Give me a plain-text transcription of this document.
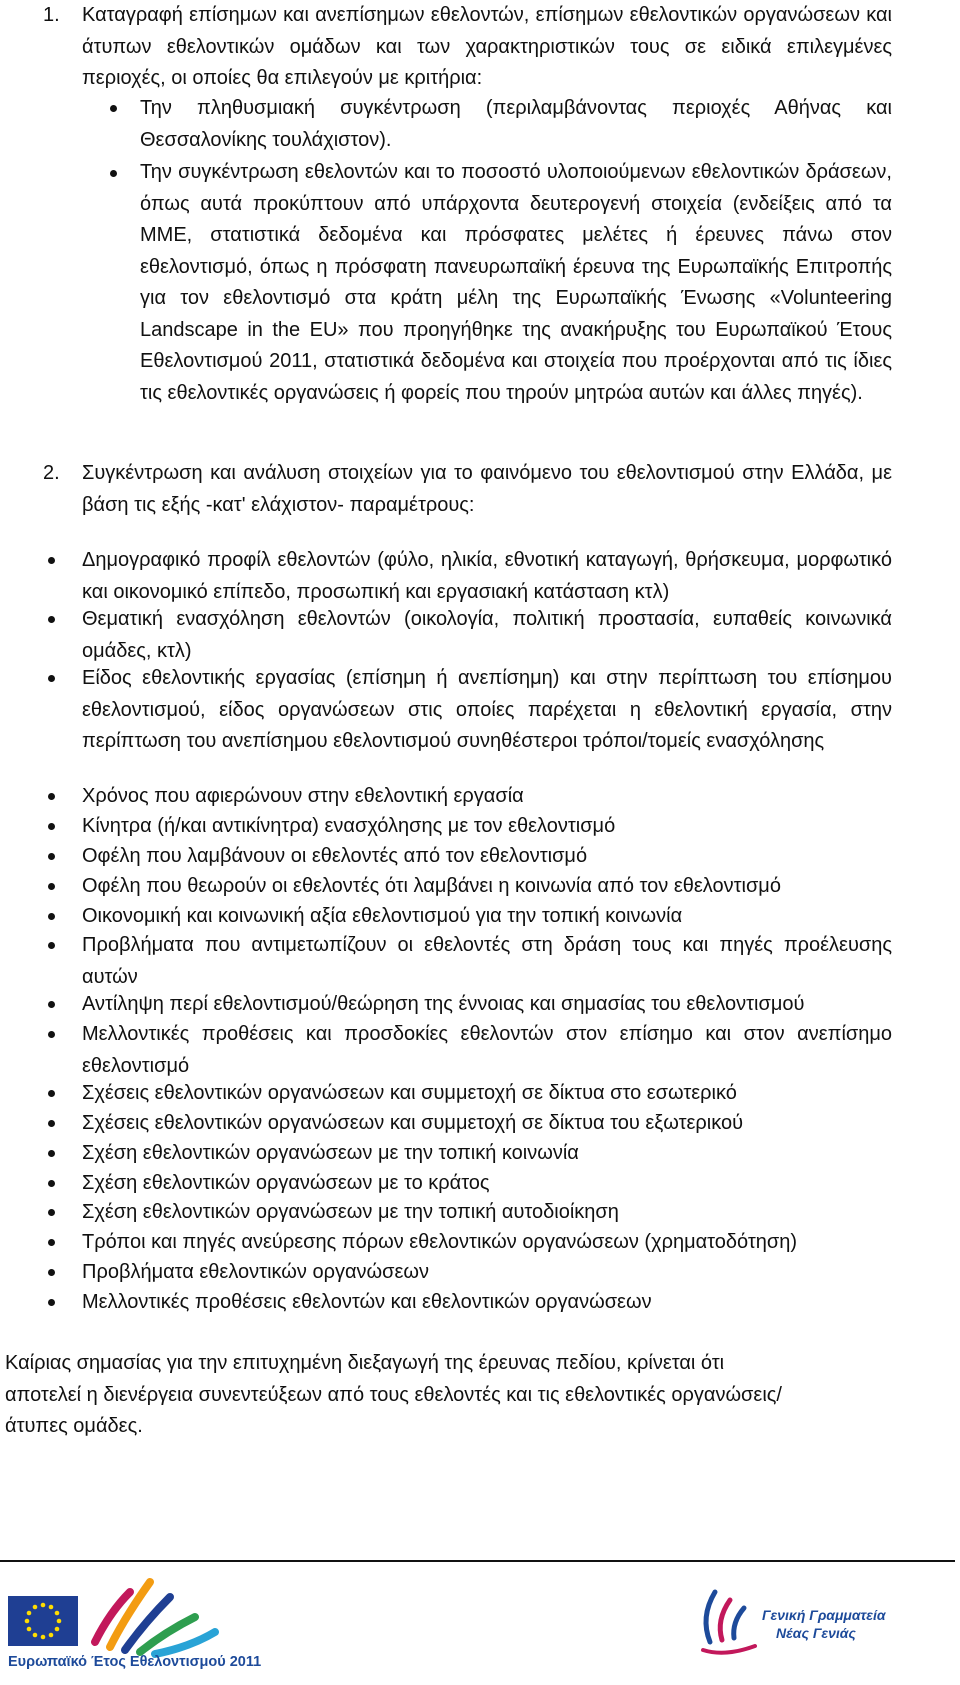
1. Καταγραφή επίσημων και ανεπίσημων εθελοντών, επίσημων εθελοντικών οργανώσεων και άτυπων εθελοντικών ομάδων και των χαρακτηριστικών τους σε ειδικά επιλεγμένες περιοχές, οι οποίες θα επιλεγούν με κριτήρια:
Την πληθυσμιακή συγκέντρωση (περιλαμβάνοντας περιοχές Αθήνας και Θεσσαλονίκης τουλάχιστον).
Την συγκέντρωση εθελοντών και το ποσοστό υλοποιούμενων εθελοντικών δράσεων, όπως αυτά προκύπτουν από υπάρχοντα δευτερογενή στοιχεία (ενδείξεις από τα ΜΜΕ, στατιστικά δεδομένα και πρόσφατες μελέτες ή έρευνες πάνω στον εθελοντισμό, όπως η πρόσφατη πανευρωπαϊκή έρευνα της Ευρωπαϊκής Επιτροπής για τον εθελοντισμό στα κράτη μέλη της Ευρωπαϊκής Ένωσης «Volunteering Landscape in the EU» που προηγήθηκε της ανακήρυξης του Ευρωπαϊκού Έτους Εθελοντισμού 2011, στατιστικά δεδομένα και στοιχεία που προέρχονται από τις ίδιες τις εθελοντικές οργανώσεις ή φορείς που τηρούν μητρώα αυτών και άλλες πηγές).
2. Συγκέντρωση και ανάλυση στοιχείων για το φαινόμενο του εθελοντισμού στην Ελλάδα, με βάση τις εξής -κατ' ελάχιστον- παραμέτρους:
Δημογραφικό προφίλ εθελοντών (φύλο, ηλικία, εθνοτική καταγωγή, θρήσκευμα, μορφωτικό και οικονομικό επίπεδο, προσωπική και εργασιακή κατάσταση κτλ)
Θεματική ενασχόληση εθελοντών (οικολογία, πολιτική προστασία, ευπαθείς κοινωνικά ομάδες, κτλ)
Είδος εθελοντικής εργασίας (επίσημη ή ανεπίσημη) και στην περίπτωση του επίσημου εθελοντισμού, είδος οργανώσεων στις οποίες παρέχεται η εθελοντική εργασία, στην περίπτωση του ανεπίσημου εθελοντισμού συνηθέστεροι τρόποι/τομείς ενασχόλησης
Χρόνος που αφιερώνουν στην εθελοντική εργασία
Κίνητρα (ή/και αντικίνητρα) ενασχόλησης με τον εθελοντισμό
Οφέλη που λαμβάνουν οι εθελοντές από τον εθελοντισμό
Οφέλη που θεωρούν οι εθελοντές ότι λαμβάνει η κοινωνία από τον εθελοντισμό
Οικονομική και κοινωνική αξία εθελοντισμού για την τοπική κοινωνία
Προβλήματα που αντιμετωπίζουν οι εθελοντές στη δράση τους και πηγές προέλευσης αυτών
Αντίληψη περί εθελοντισμού/θεώρηση της έννοιας και σημασίας του εθελοντισμού
Μελλοντικές προθέσεις και προσδοκίες εθελοντών στον επίσημο και στον ανεπίσημο εθελοντισμό
Σχέσεις εθελοντικών οργανώσεων και συμμετοχή σε δίκτυα στο εσωτερικό
Σχέσεις εθελοντικών οργανώσεων και συμμετοχή σε δίκτυα του εξωτερικού
Σχέση εθελοντικών οργανώσεων με την τοπική κοινωνία
Σχέση εθελοντικών οργανώσεων με το κράτος
Σχέση εθελοντικών οργανώσεων με την τοπική αυτοδιοίκηση
Τρόποι και πηγές ανεύρεσης πόρων εθελοντικών οργανώσεων (χρηματοδότηση)
Προβλήματα εθελοντικών οργανώσεων
Μελλοντικές προθέσεις εθελοντών και εθελοντικών οργανώσεων
Καίριας σημασίας για την επιτυχημένη διεξαγωγή της έρευνας πεδίου, κρίνεται ότι αποτελεί η διενέργεια συνεντεύξεων από τους εθελοντές και τις εθελοντικές οργανώσεις/άτυπες ομάδες.
Ευρωπαϊκό Έτος Εθελοντισμού 2011
Γενική Γραμματεία
Νέας Γενιάς
